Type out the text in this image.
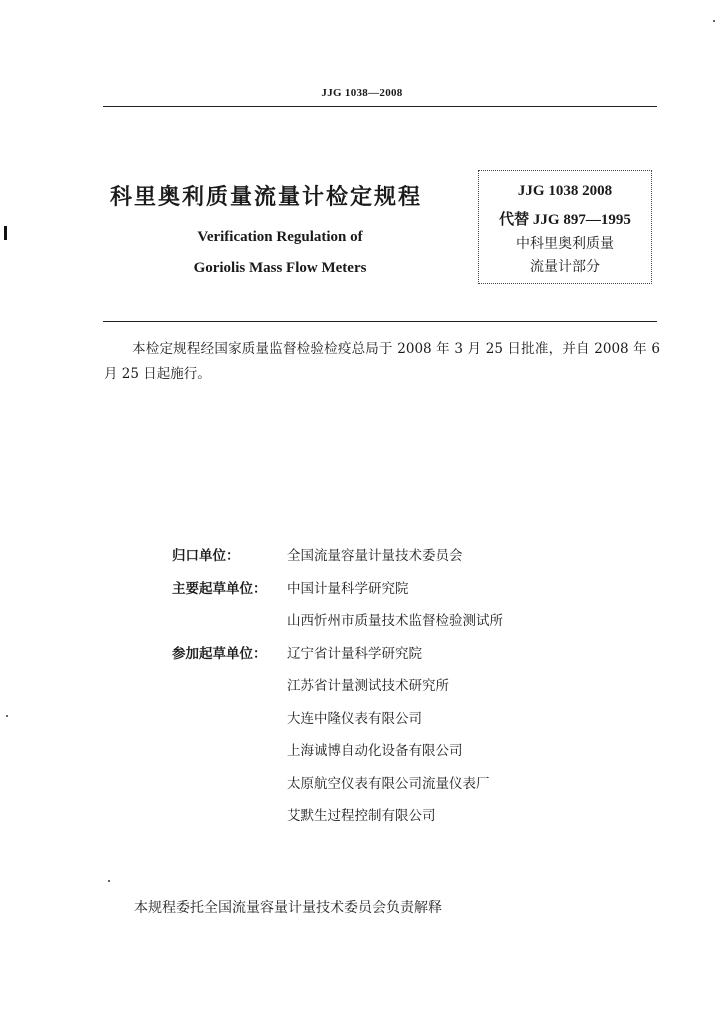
JJG 1038—2008
科里奥利质量流量计检定规程
Verification Regulation of
Goriolis Mass Flow Meters
JJG 1038 2008
代替 JJG 897—1995
中科里奥利质量
流量计部分
本检定规程经国家质量监督检验检疫总局于 2008 年 3 月 25 日批准，并自 2008 年 6 月 25 日起施行。
归口单位：	全国流量容量计量技术委员会
主要起草单位：	中国计量科学研究院
山西忻州市质量技术监督检验测试所
参加起草单位：	辽宁省计量科学研究院
江苏省计量测试技术研究所
大连中隆仪表有限公司
上海诚博自动化设备有限公司
太原航空仪表有限公司流量仪表厂
艾默生过程控制有限公司
本规程委托全国流量容量计量技术委员会负责解释
